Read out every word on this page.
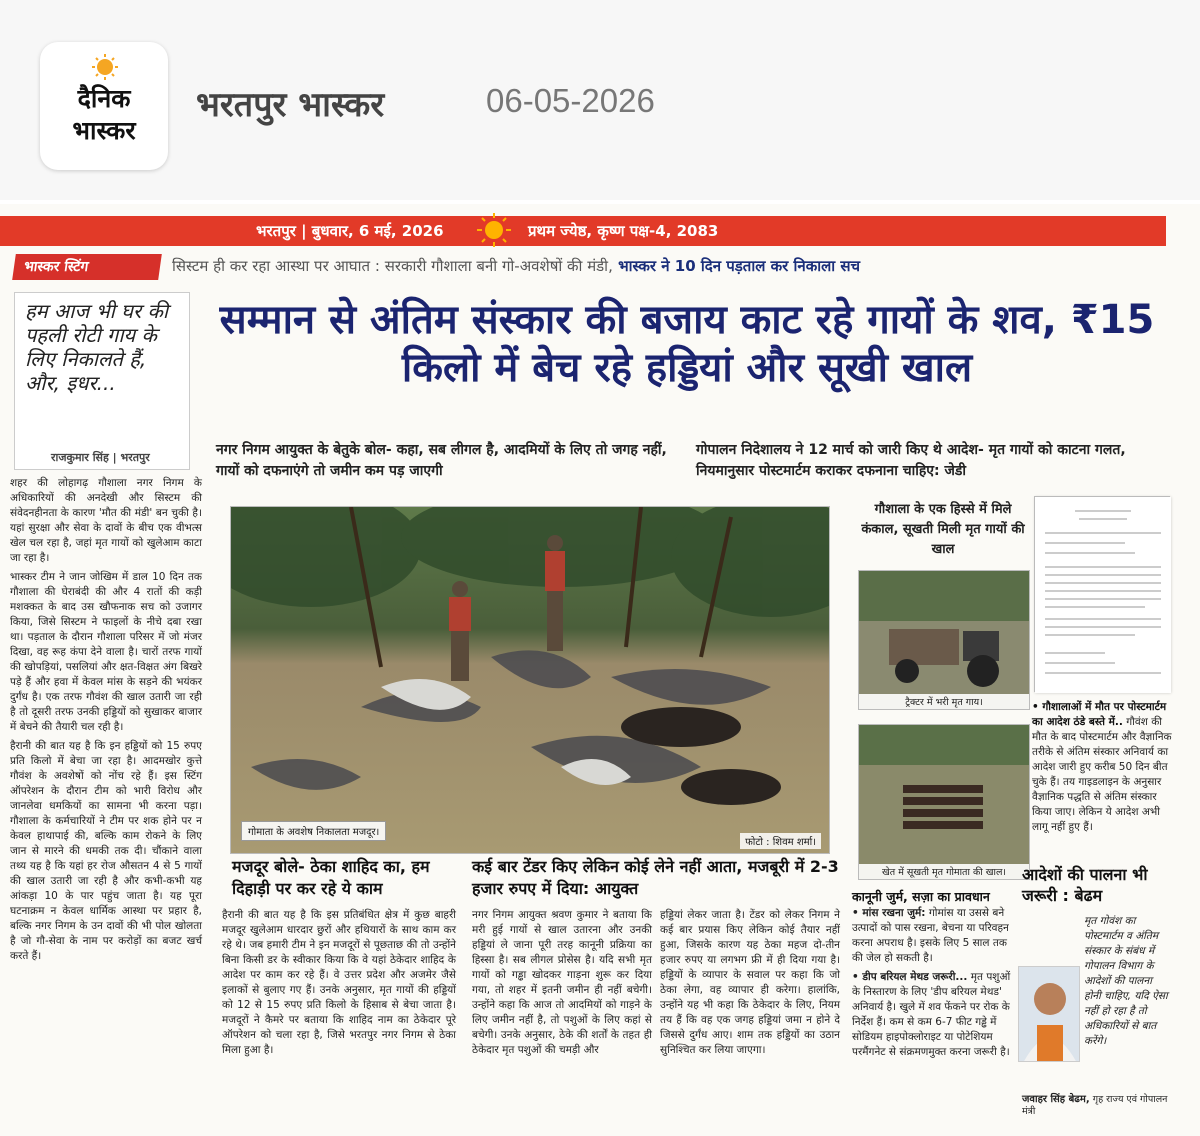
दैनिक
भास्कर
भरतपुर भास्कर	06-05-2026
भरतपुर | बुधवार, 6 मई, 2026	प्रथम ज्येष्ठ, कृष्ण पक्ष-4, 2083
भास्कर स्टिंग	सिस्टम ही कर रहा आस्था पर आघात : सरकारी गौशाला बनी गो-अवशेषों की मंडी, भास्कर ने 10 दिन पड़ताल कर निकाला सच
हम आज भी घर की पहली रोटी गाय के लिए निकालते हैं, और, इधर...
राजकुमार सिंह | भरतपुर
सम्मान से अंतिम संस्कार की बजाय काट रहे गायों के शव, ₹15 किलो में बेच रहे हड्डियां और सूखी खाल
नगर निगम आयुक्त के बेतुके बोल- कहा, सब लीगल है, आदमियों के लिए तो जगह नहीं, गायों को दफनाएंगे तो जमीन कम पड़ जाएगी
गोपालन निदेशालय ने 12 मार्च को जारी किए थे आदेश- मृत गायों को काटना गलत, नियमानुसार पोस्टमार्टम कराकर दफनाना चाहिए: जेडी

शहर की लोहागढ़ गौशाला नगर निगम के अधिकारियों की अनदेखी और सिस्टम की संवेदनहीनता के कारण 'मौत की मंडी' बन चुकी है। यहां सुरक्षा और सेवा के दावों के बीच एक वीभत्स खेल चल रहा है, जहां मृत गायों को खुलेआम काटा जा रहा है।

भास्कर टीम ने जान जोखिम में डाल 10 दिन तक गौशाला की घेराबंदी की और 4 रातों की कड़ी मशक्कत के बाद उस खौफनाक सच को उजागर किया, जिसे सिस्टम ने फाइलों के नीचे दबा रखा था। पड़ताल के दौरान गौशाला परिसर में जो मंजर दिखा, वह रूह कंपा देने वाला है। चारों तरफ गायों की खोपड़ियां, पसलियां और क्षत-विक्षत अंग बिखरे पड़े हैं और हवा में केवल मांस के सड़ने की भयंकर दुर्गंध है। एक तरफ गौवंश की खाल उतारी जा रही है तो दूसरी तरफ उनकी हड्डियों को सुखाकर बाजार में बेचने की तैयारी चल रही है।

हैरानी की बात यह है कि इन हड्डियों को 15 रुपए प्रति किलो में बेचा जा रहा है। आदमखोर कुत्ते गौवंश के अवशेषों को नोंच रहे हैं। इस स्टिंग ऑपरेशन के दौरान टीम को भारी विरोध और जानलेवा धमकियों का सामना भी करना पड़ा। गौशाला के कर्मचारियों ने टीम पर शक होने पर न केवल हाथापाई की, बल्कि काम रोकने के लिए जान से मारने की धमकी तक दी। चौंकाने वाला तथ्य यह है कि यहां हर रोज औसतन 4 से 5 गायों की खाल उतारी जा रही है और कभी-कभी यह आंकड़ा 10 के पार पहुंच जाता है। यह पूरा घटनाक्रम न केवल धार्मिक आस्था पर प्रहार है, बल्कि नगर निगम के उन दावों की भी पोल खोलता है जो गौ-सेवा के नाम पर करोड़ों का बजट खर्च करते हैं।

गोमाता के अवशेष निकालता मजदूर।
फोटो : शिवम शर्मा।
गौशाला के एक हिस्से में मिले कंकाल, सूखती मिली मृत गायों की खाल
ट्रैक्टर में भरी मृत गाय।	• गौशालाओं में मौत पर पोस्टमार्टम का आदेश ठंडे बस्ते में.. गौवंश की मौत के बाद पोस्टमार्टम और वैज्ञानिक तरीके से अंतिम संस्कार अनिवार्य का आदेश जारी हुए करीब 50 दिन बीत चुके हैं। तय गाइडलाइन के अनुसार वैज्ञानिक पद्धति से अंतिम संस्कार किया जाए। लेकिन ये आदेश अभी लागू नहीं हुए हैं।
खेत में सूखती मृत गोमाता की खाल।
मजदूर बोले- ठेका शाहिद का, हम दिहाड़ी पर कर रहे ये काम
हैरानी की बात यह है कि इस प्रतिबंधित क्षेत्र में कुछ बाहरी मजदूर खुलेआम धारदार छुरों और हथियारों के साथ काम कर रहे थे। जब हमारी टीम ने इन मजदूरों से पूछताछ की तो उन्होंने बिना किसी डर के स्वीकार किया कि वे यहां ठेकेदार शाहिद के आदेश पर काम कर रहे हैं। वे उत्तर प्रदेश और अजमेर जैसे इलाकों से बुलाए गए हैं। उनके अनुसार, मृत गायों की हड्डियों को 12 से 15 रुपए प्रति किलो के हिसाब से बेचा जाता है। मजदूरों ने कैमरे पर बताया कि शाहिद नाम का ठेकेदार पूरे ऑपरेशन को चला रहा है, जिसे भरतपुर नगर निगम से ठेका मिला हुआ है।
कई बार टेंडर किए लेकिन कोई लेने नहीं आता, मजबूरी में 2-3 हजार रुपए में दिया: आयुक्त
नगर निगम आयुक्त श्रवण कुमार ने बताया कि मरी हुई गायों से खाल उतारना और उनकी हड्डियां ले जाना पूरी तरह कानूनी प्रक्रिया का हिस्सा है। सब लीगल प्रोसेस है। यदि सभी मृत गायों को गड्ढा खोदकर गाड़ना शुरू कर दिया गया, तो शहर में इतनी जमीन ही नहीं बचेगी। उन्होंने कहा कि आज तो आदमियों को गाड़ने के लिए जमीन नहीं है, तो पशुओं के लिए कहां से बचेगी। उनके अनुसार, ठेके की शर्तों के तहत ही ठेकेदार मृत पशुओं की चमड़ी और
हड्डियां लेकर जाता है। टेंडर को लेकर निगम ने कई बार प्रयास किए लेकिन कोई तैयार नहीं हुआ, जिसके कारण यह ठेका महज दो-तीन हजार रुपए या लगभग फ्री में ही दिया गया है। हड्डियों के व्यापार के सवाल पर कहा कि जो ठेका लेगा, वह व्यापार ही करेगा। हालांकि, उन्होंने यह भी कहा कि ठेकेदार के लिए, नियम तय हैं कि वह एक जगह हड्डियां जमा न होने दे जिससे दुर्गंध आए। शाम तक हड्डियों का उठान सुनिश्चित कर लिया जाएगा।
कानूनी जुर्म, सज़ा का प्रावधान

• मांस रखना जुर्म: गोमांस या उससे बने उत्पादों को पास रखना, बेचना या परिवहन करना अपराध है। इसके लिए 5 साल तक की जेल हो सकती है।

• डीप बरियल मेथड जरूरी... मृत पशुओं के निस्तारण के लिए 'डीप बरियल मेथड' अनिवार्य है। खुले में शव फेंकने पर रोक के निर्देश हैं। कम से कम 6-7 फीट गड्ढे में सोडियम हाइपोक्लोराइट या पोटेशियम परमैंगनेट से संक्रमणमुक्त करना जरूरी है।

आदेशों की पालना भी जरूरी : बेढम
मृत गोवंश का पोस्टमार्टम व अंतिम संस्कार के संबंध में गोपालन विभाग के आदेशों की पालना होनी चाहिए, यदि ऐसा नहीं हो रहा है तो अधिकारियों से बात करेंगे।
जवाहर सिंह बेढम, गृह राज्य एवं गोपालन मंत्री
